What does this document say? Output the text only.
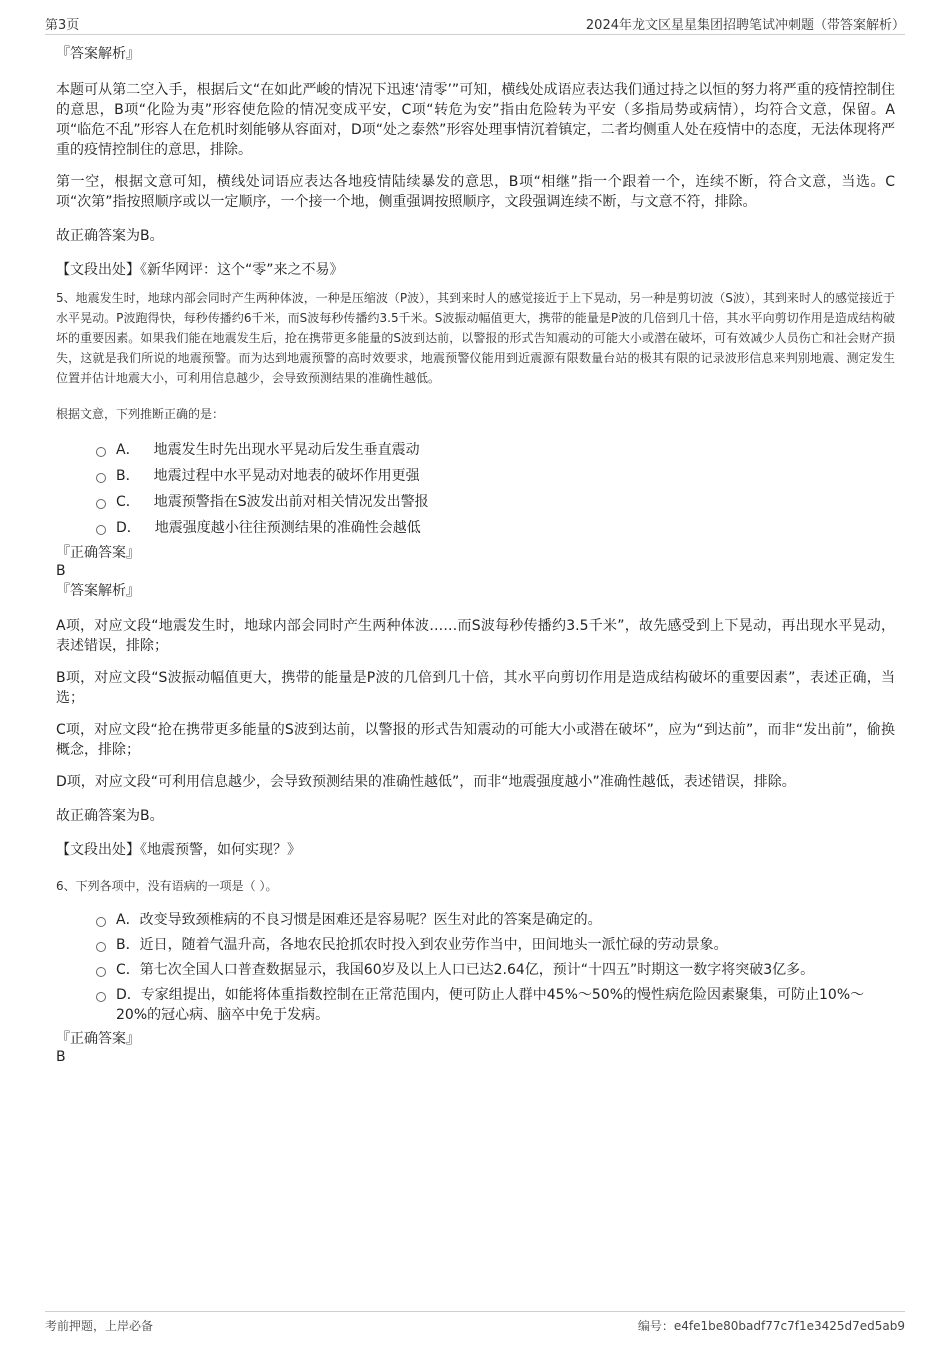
第3页	2024年龙文区星星集团招聘笔试冲刺题（带答案解析）
『答案解析』
本题可从第二空入手，根据后文“在如此严峻的情况下迅速‘清零’”可知，横线处成语应表达我们通过持之以恒的努力将严重的疫情控制住的意思，B项“化险为夷”形容使危险的情况变成平安，C项“转危为安”指由危险转为平安（多指局势或病情），均符合文意，保留。A项“临危不乱”形容人在危机时刻能够从容面对，D项“处之泰然”形容处理事情沉着镇定，二者均侧重人处在疫情中的态度，无法体现将严重的疫情控制住的意思，排除。
第一空，根据文意可知，横线处词语应表达各地疫情陆续暴发的意思，B项“相继”指一个跟着一个，连续不断，符合文意，当选。C项“次第”指按照顺序或以一定顺序，一个接一个地，侧重强调按照顺序，文段强调连续不断，与文意不符，排除。
故正确答案为B。
【文段出处】《新华网评：这个“零”来之不易》
5、地震发生时，地球内部会同时产生两种体波，一种是压缩波（P波），其到来时人的感觉接近于上下晃动，另一种是剪切波（S波），其到来时人的感觉接近于水平晃动。P波跑得快，每秒传播约6千米，而S波每秒传播约3.5千米。S波振动幅值更大，携带的能量是P波的几倍到几十倍，其水平向剪切作用是造成结构破坏的重要因素。如果我们能在地震发生后，抢在携带更多能量的S波到达前，以警报的形式告知震动的可能大小或潜在破坏，可有效减少人员伤亡和社会财产损失，这就是我们所说的地震预警。而为达到地震预警的高时效要求，地震预警仪能用到近震源有限数量台站的极其有限的记录波形信息来判别地震、测定发生位置并估计地震大小，可利用信息越少，会导致预测结果的准确性越低。
根据文意，下列推断正确的是：
A． 地震发生时先出现水平晃动后发生垂直震动
B． 地震过程中水平晃动对地表的破坏作用更强
C． 地震预警指在S波发出前对相关情况发出警报
D． 地震强度越小往往预测结果的准确性会越低
『正确答案』
B
『答案解析』
A项，对应文段“地震发生时，地球内部会同时产生两种体波……而S波每秒传播约3.5千米”，故先感受到上下晃动，再出现水平晃动，表述错误，排除；
B项，对应文段“S波振动幅值更大，携带的能量是P波的几倍到几十倍，其水平向剪切作用是造成结构破坏的重要因素”，表述正确，当选；
C项，对应文段“抢在携带更多能量的S波到达前，以警报的形式告知震动的可能大小或潜在破坏”，应为“到达前”，而非“发出前”，偷换概念，排除；
D项，对应文段“可利用信息越少，会导致预测结果的准确性越低”，而非“地震强度越小”准确性越低，表述错误，排除。
故正确答案为B。
【文段出处】《地震预警，如何实现？》
6、下列各项中，没有语病的一项是（ ）。
A．改变导致颈椎病的不良习惯是困难还是容易呢？医生对此的答案是确定的。
B．近日，随着气温升高，各地农民抢抓农时投入到农业劳作当中，田间地头一派忙碌的劳动景象。
C．第七次全国人口普查数据显示，我国60岁及以上人口已达2.64亿，预计“十四五”时期这一数字将突破3亿多。
D．专家组提出，如能将体重指数控制在正常范围内，便可防止人群中45%～50%的慢性病危险因素聚集，可防止10%～20%的冠心病、脑卒中免于发病。
『正确答案』
B
考前押题，上岸必备	编号：e4fe1be80badf77c7f1e3425d7ed5ab9
